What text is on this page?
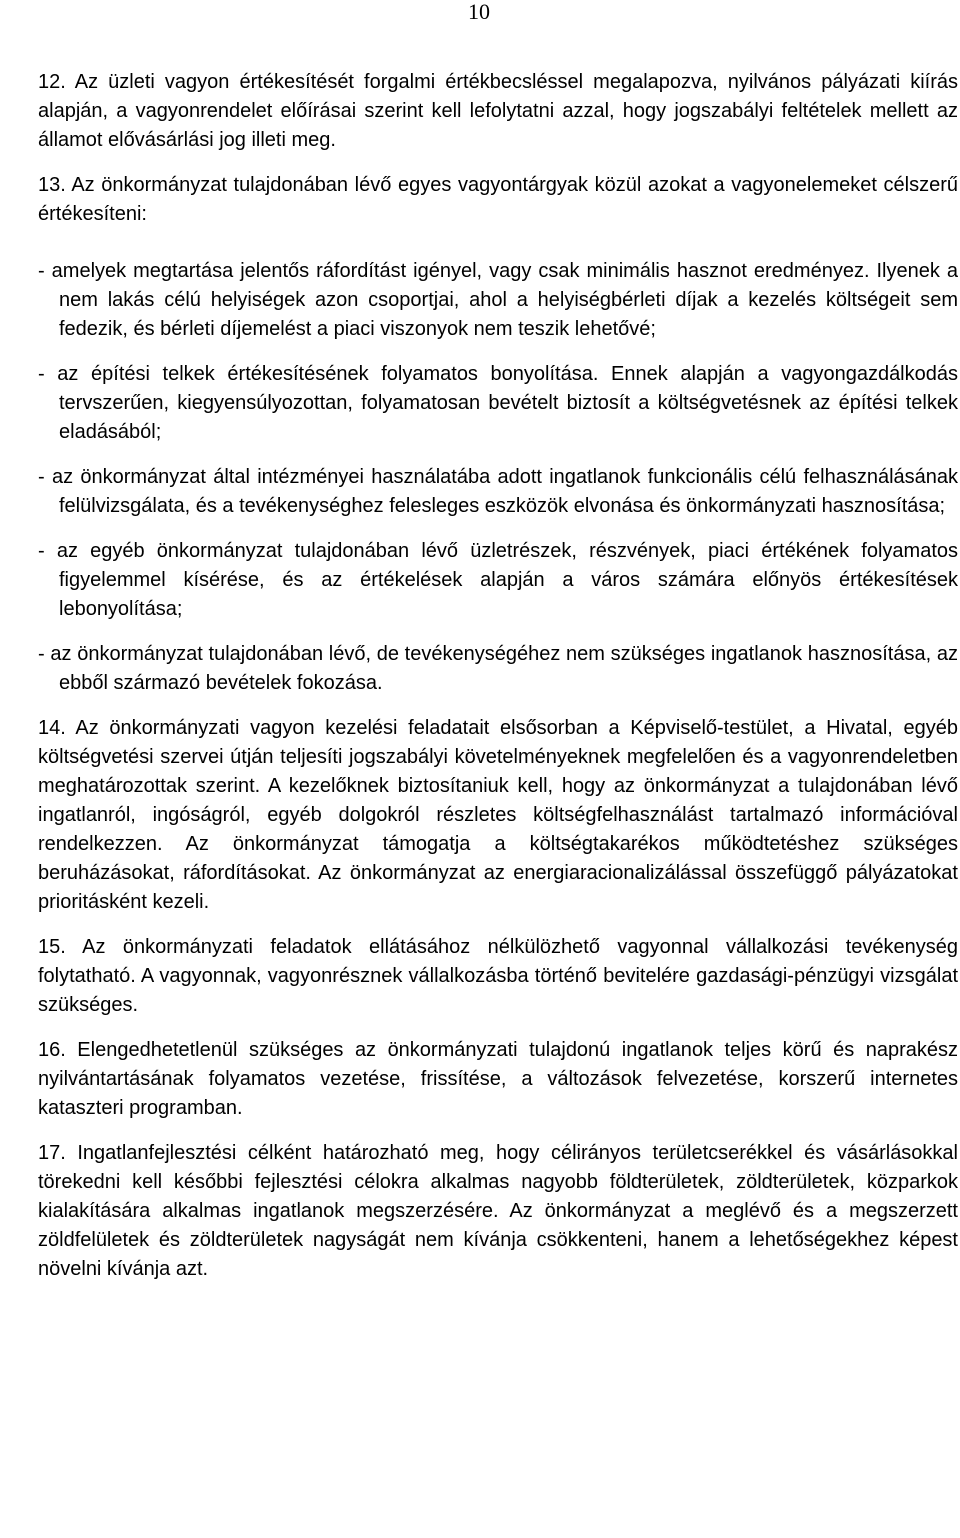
10

12. Az üzleti vagyon értékesítését forgalmi értékbecsléssel megalapozva, nyilvános pályázati kiírás alapján, a vagyonrendelet előírásai szerint kell lefolytatni azzal, hogy jogszabályi feltételek mellett az államot elővásárlási jog illeti meg.

13. Az önkormányzat tulajdonában lévő egyes vagyontárgyak közül azokat a vagyonelemeket célszerű értékesíteni:

- amelyek megtartása jelentős ráfordítást igényel, vagy csak minimális hasznot eredményez. Ilyenek a nem lakás célú helyiségek azon csoportjai, ahol a helyiségbérleti díjak a kezelés költségeit sem fedezik, és bérleti díjemelést a piaci viszonyok nem teszik lehetővé;

- az építési telkek értékesítésének folyamatos bonyolítása. Ennek alapján a vagyongazdálkodás tervszerűen, kiegyensúlyozottan, folyamatosan bevételt biztosít a költségvetésnek az építési telkek eladásából;

- az önkormányzat által intézményei használatába adott ingatlanok funkcionális célú felhasználásának felülvizsgálata, és a tevékenységhez felesleges eszközök elvonása és önkormányzati hasznosítása;

- az egyéb önkormányzat tulajdonában lévő üzletrészek, részvények, piaci értékének folyamatos figyelemmel kísérése, és az értékelések alapján a város számára előnyös értékesítések lebonyolítása;

- az önkormányzat tulajdonában lévő, de tevékenységéhez nem szükséges ingatlanok hasznosítása, az ebből származó bevételek fokozása.

14. Az önkormányzati vagyon kezelési feladatait elsősorban a Képviselő-testület, a Hivatal, egyéb költségvetési szervei útján teljesíti jogszabályi követelményeknek megfelelően és a vagyonrendeletben meghatározottak szerint. A kezelőknek biztosítaniuk kell, hogy az önkormányzat a tulajdonában lévő ingatlanról, ingóságról, egyéb dolgokról részletes költségfelhasználást tartalmazó információval rendelkezzen. Az önkormányzat támogatja a költségtakarékos működtetéshez szükséges beruházásokat, ráfordításokat. Az önkormányzat az energiaracionalizálással összefüggő pályázatokat prioritásként kezeli.

15. Az önkormányzati feladatok ellátásához nélkülözhető vagyonnal vállalkozási tevékenység folytatható. A vagyonnak, vagyonrésznek vállalkozásba történő bevitelére gazdasági-pénzügyi vizsgálat szükséges.

16. Elengedhetetlenül szükséges az önkormányzati tulajdonú ingatlanok teljes körű és naprakész nyilvántartásának folyamatos vezetése, frissítése, a változások felvezetése, korszerű internetes kataszteri programban.

17. Ingatlanfejlesztési célként határozható meg, hogy célirányos területcserékkel és vásárlásokkal törekedni kell későbbi fejlesztési célokra alkalmas nagyobb földterületek, zöldterületek, közparkok kialakítására alkalmas ingatlanok megszerzésére. Az önkormányzat a meglévő és a megszerzett zöldfelületek és zöldterületek nagyságát nem kívánja csökkenteni, hanem a lehetőségekhez képest növelni kívánja azt.
